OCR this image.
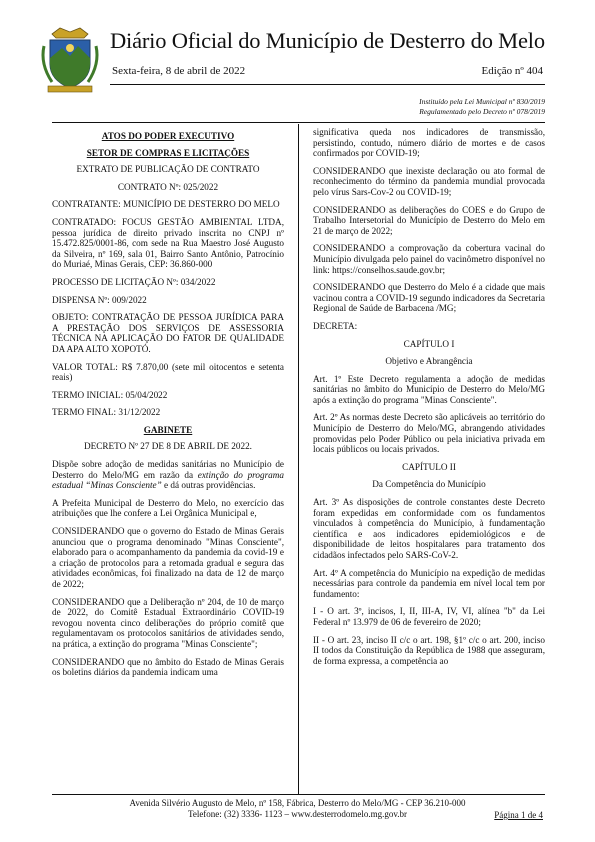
Diário Oficial do Município de Desterro do Melo
Sexta-feira, 8 de abril de 2022	Edição nº 404
Instituído pela Lei Municipal nº 830/2019
Regulamentado pelo Decreto nº 078/2019

ATOS DO PODER EXECUTIVO

SETOR DE COMPRAS E LICITAÇÕES

EXTRATO DE PUBLICAÇÃO DE CONTRATO

CONTRATO Nº: 025/2022

CONTRATANTE: MUNICÍPIO DE DESTERRO DO MELO

CONTRATADO: FOCUS GESTÃO AMBIENTAL LTDA, pessoa jurídica de direito privado inscrita no CNPJ nº 15.472.825/0001-86, com sede na Rua Maestro José Augusto da Silveira, nº 169, sala 01, Bairro Santo Antônio, Patrocínio do Muriaé, Minas Gerais, CEP: 36.860-000

PROCESSO DE LICITAÇÃO Nº: 034/2022

DISPENSA Nº: 009/2022

OBJETO: CONTRATAÇÃO DE PESSOA JURÍDICA PARA A PRESTAÇÃO DOS SERVIÇOS DE ASSESSORIA TÉCNICA NA APLICAÇÃO DO FATOR DE QUALIDADE DA APA ALTO XOPOTÓ.

VALOR TOTAL: R$ 7.870,00 (sete mil oitocentos e setenta reais)

TERMO INICIAL: 05/04/2022

TERMO FINAL: 31/12/2022

GABINETE

DECRETO Nº 27 DE 8 DE ABRIL DE 2022.

Dispõe sobre adoção de medidas sanitárias no Município de Desterro do Melo/MG em razão da extinção do programa estadual “Minas Consciente” e dá outras providências.

A Prefeita Municipal de Desterro do Melo, no exercício das atribuições que lhe confere a Lei Orgânica Municipal e,

CONSIDERANDO que o governo do Estado de Minas Gerais anunciou que o programa denominado "Minas Consciente", elaborado para o acompanhamento da pandemia da covid-19 e a criação de protocolos para a retomada gradual e segura das atividades econômicas, foi finalizado na data de 12 de março de 2022;

CONSIDERANDO que a Deliberação nº 204, de 10 de março de 2022, do Comitê Estadual Extraordinário COVID-19 revogou noventa cinco deliberações do próprio comitê que regulamentavam os protocolos sanitários de atividades sendo, na prática, a extinção do programa "Minas Consciente";

CONSIDERANDO que no âmbito do Estado de Minas Gerais os boletins diários da pandemia indicam uma

significativa queda nos indicadores de transmissão, persistindo, contudo, número diário de mortes e de casos confirmados por COVID-19;

CONSIDERANDO que inexiste declaração ou ato formal de reconhecimento do término da pandemia mundial provocada pelo vírus Sars-Cov-2 ou COVID-19;

CONSIDERANDO as deliberações do COES e do Grupo de Trabalho Intersetorial do Município de Desterro do Melo em 21 de março de 2022;

CONSIDERANDO a comprovação da cobertura vacinal do Município divulgada pelo painel do vacinômetro disponível no link: https://conselhos.saude.gov.br;

CONSIDERANDO que Desterro do Melo é a cidade que mais vacinou contra a COVID-19 segundo indicadores da Secretaria Regional de Saúde de Barbacena /MG;

DECRETA:

CAPÍTULO I

Objetivo e Abrangência

Art. 1º Este Decreto regulamenta a adoção de medidas sanitárias no âmbito do Município de Desterro do Melo/MG após a extinção do programa "Minas Consciente".

Art. 2º As normas deste Decreto são aplicáveis ao território do Município de Desterro do Melo/MG, abrangendo atividades promovidas pelo Poder Público ou pela iniciativa privada em locais públicos ou locais privados.

CAPÍTULO II

Da Competência do Município

Art. 3º As disposições de controle constantes deste Decreto foram expedidas em conformidade com os fundamentos vinculados à competência do Município, à fundamentação científica e aos indicadores epidemiológicos e de disponibilidade de leitos hospitalares para tratamento dos cidadãos infectados pelo SARS-CoV-2.

Art. 4º A competência do Município na expedição de medidas necessárias para controle da pandemia em nível local tem por fundamento:

I - O art. 3º, incisos, I, II, III-A, IV, VI, alínea "b" da Lei Federal nº 13.979 de 06 de fevereiro de 2020;

II - O art. 23, inciso II c/c o art. 198, §1º c/c o art. 200, inciso II todos da Constituição da República de 1988 que asseguram, de forma expressa, a competência ao

Avenida Silvério Augusto de Melo, nº 158, Fábrica, Desterro do Melo/MG - CEP 36.210-000
Telefone: (32) 3336- 1123 – www.desterrodomelo.mg.gov.br	Página 1 de 4
